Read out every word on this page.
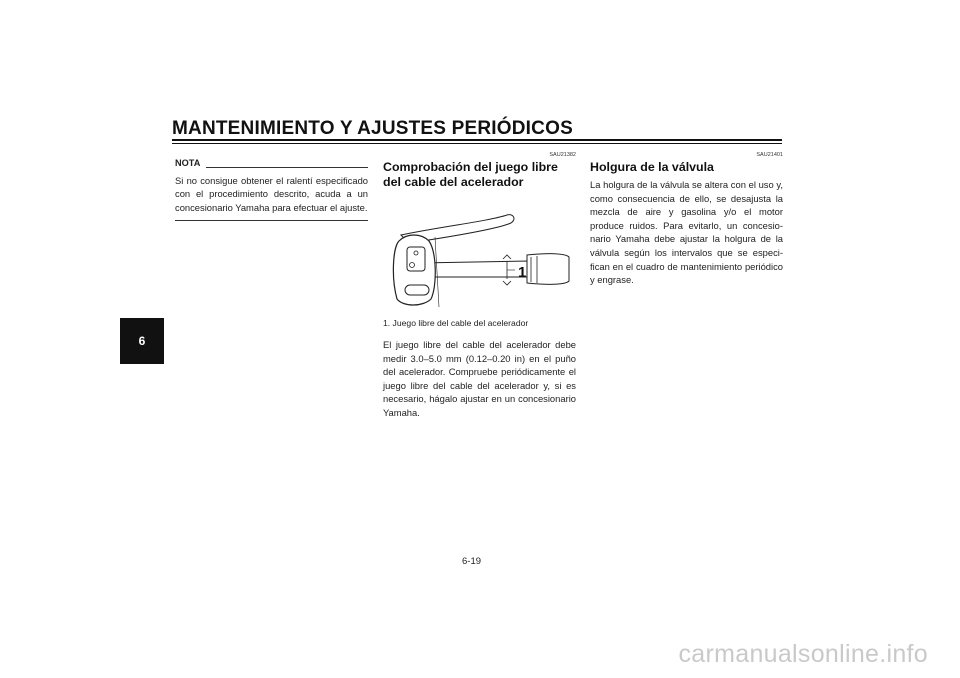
MANTENIMIENTO Y AJUSTES PERIÓDICOS
6
NOTA

Si no consigue obtener el ralentí especificado con el procedimiento descrito, acuda a un concesionario Yamaha para efectuar el ajuste.

SAU21382
Comprobación del juego libre del cable del acelerador
1
1. Juego libre del cable del acelerador

El juego libre del cable del acelerador debe medir 3.0–5.0 mm (0.12–0.20 in) en el puño del acelerador. Compruebe periódicamente el juego libre del cable del acelerador y, si es necesario, hágalo ajustar en un concesionario Yamaha.

SAU21401
Holgura de la válvula

La holgura de la válvula se altera con el uso y, como consecuencia de ello, se desajusta la mezcla de aire y gasolina y/o el motor produce ruidos. Para evitarlo, un concesionario Yamaha debe ajustar la holgura de la válvula según los intervalos que se especifican en el cuadro de mantenimiento periódico y engrase.

6-19
carmanualsonline.info
